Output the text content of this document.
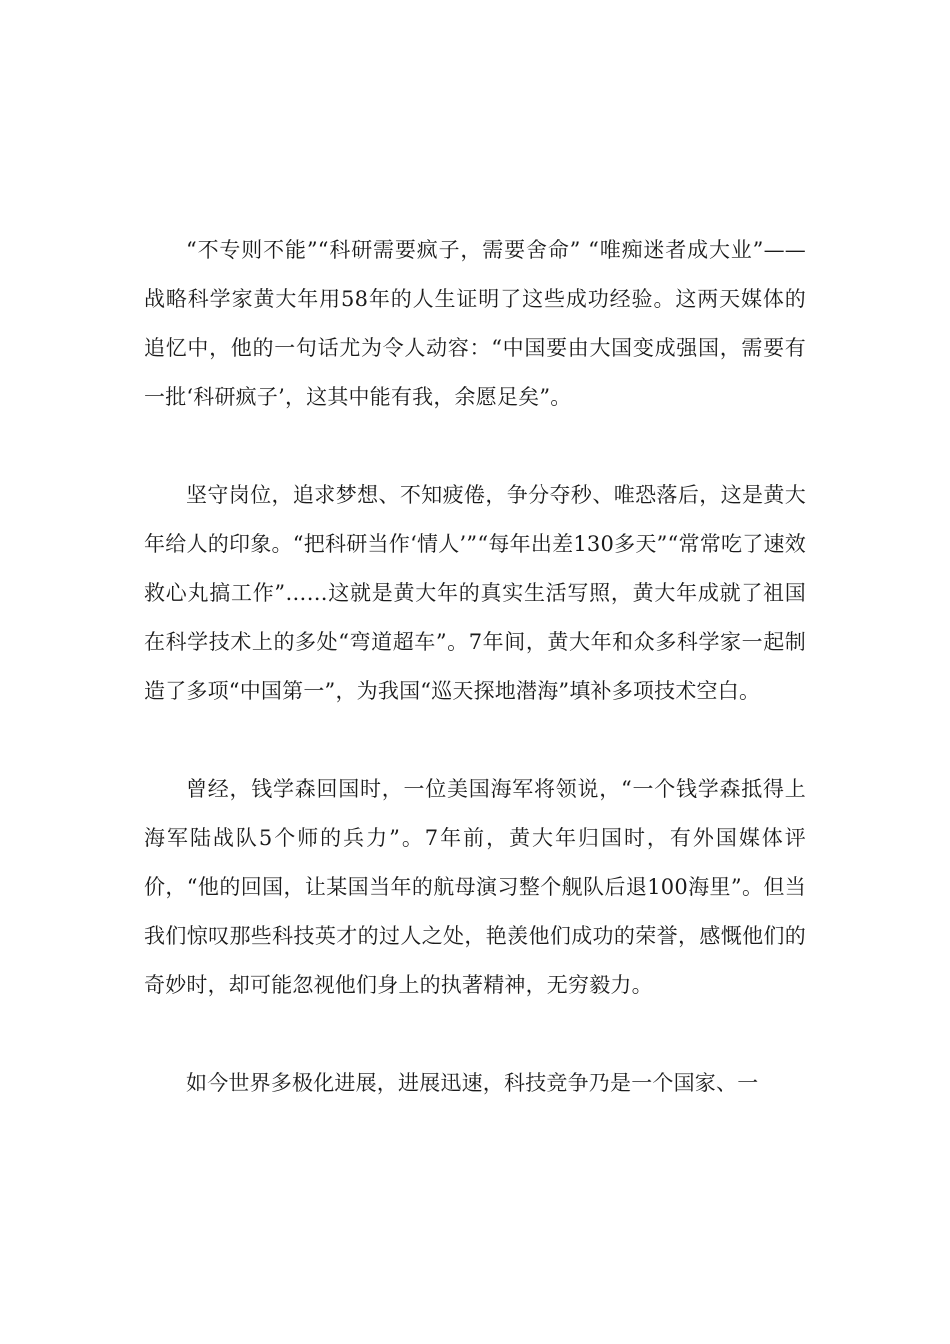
“不专则不能”“科研需要疯子，需要舍命” “唯痴迷者成大业”——战略科学家黄大年用58年的人生证明了这些成功经验。这两天媒体的追忆中，他的一句话尤为令人动容：“中国要由大国变成强国，需要有一批‘科研疯子’，这其中能有我，余愿足矣”。

坚守岗位，追求梦想、不知疲倦，争分夺秒、唯恐落后，这是黄大年给人的印象。“把科研当作‘情人’”“每年出差130多天”“常常吃了速效救心丸搞工作”……这就是黄大年的真实生活写照，黄大年成就了祖国在科学技术上的多处“弯道超车”。7年间，黄大年和众多科学家一起制造了多项“中国第一”，为我国“巡天探地潜海”填补多项技术空白。

曾经，钱学森回国时，一位美国海军将领说，“一个钱学森抵得上海军陆战队5个师的兵力”。7年前，黄大年归国时，有外国媒体评价，“他的回国，让某国当年的航母演习整个舰队后退100海里”。但当我们惊叹那些科技英才的过人之处，艳羡他们成功的荣誉，感慨他们的奇妙时，却可能忽视他们身上的执著精神，无穷毅力。

如今世界多极化进展，进展迅速，科技竞争乃是一个国家、一
